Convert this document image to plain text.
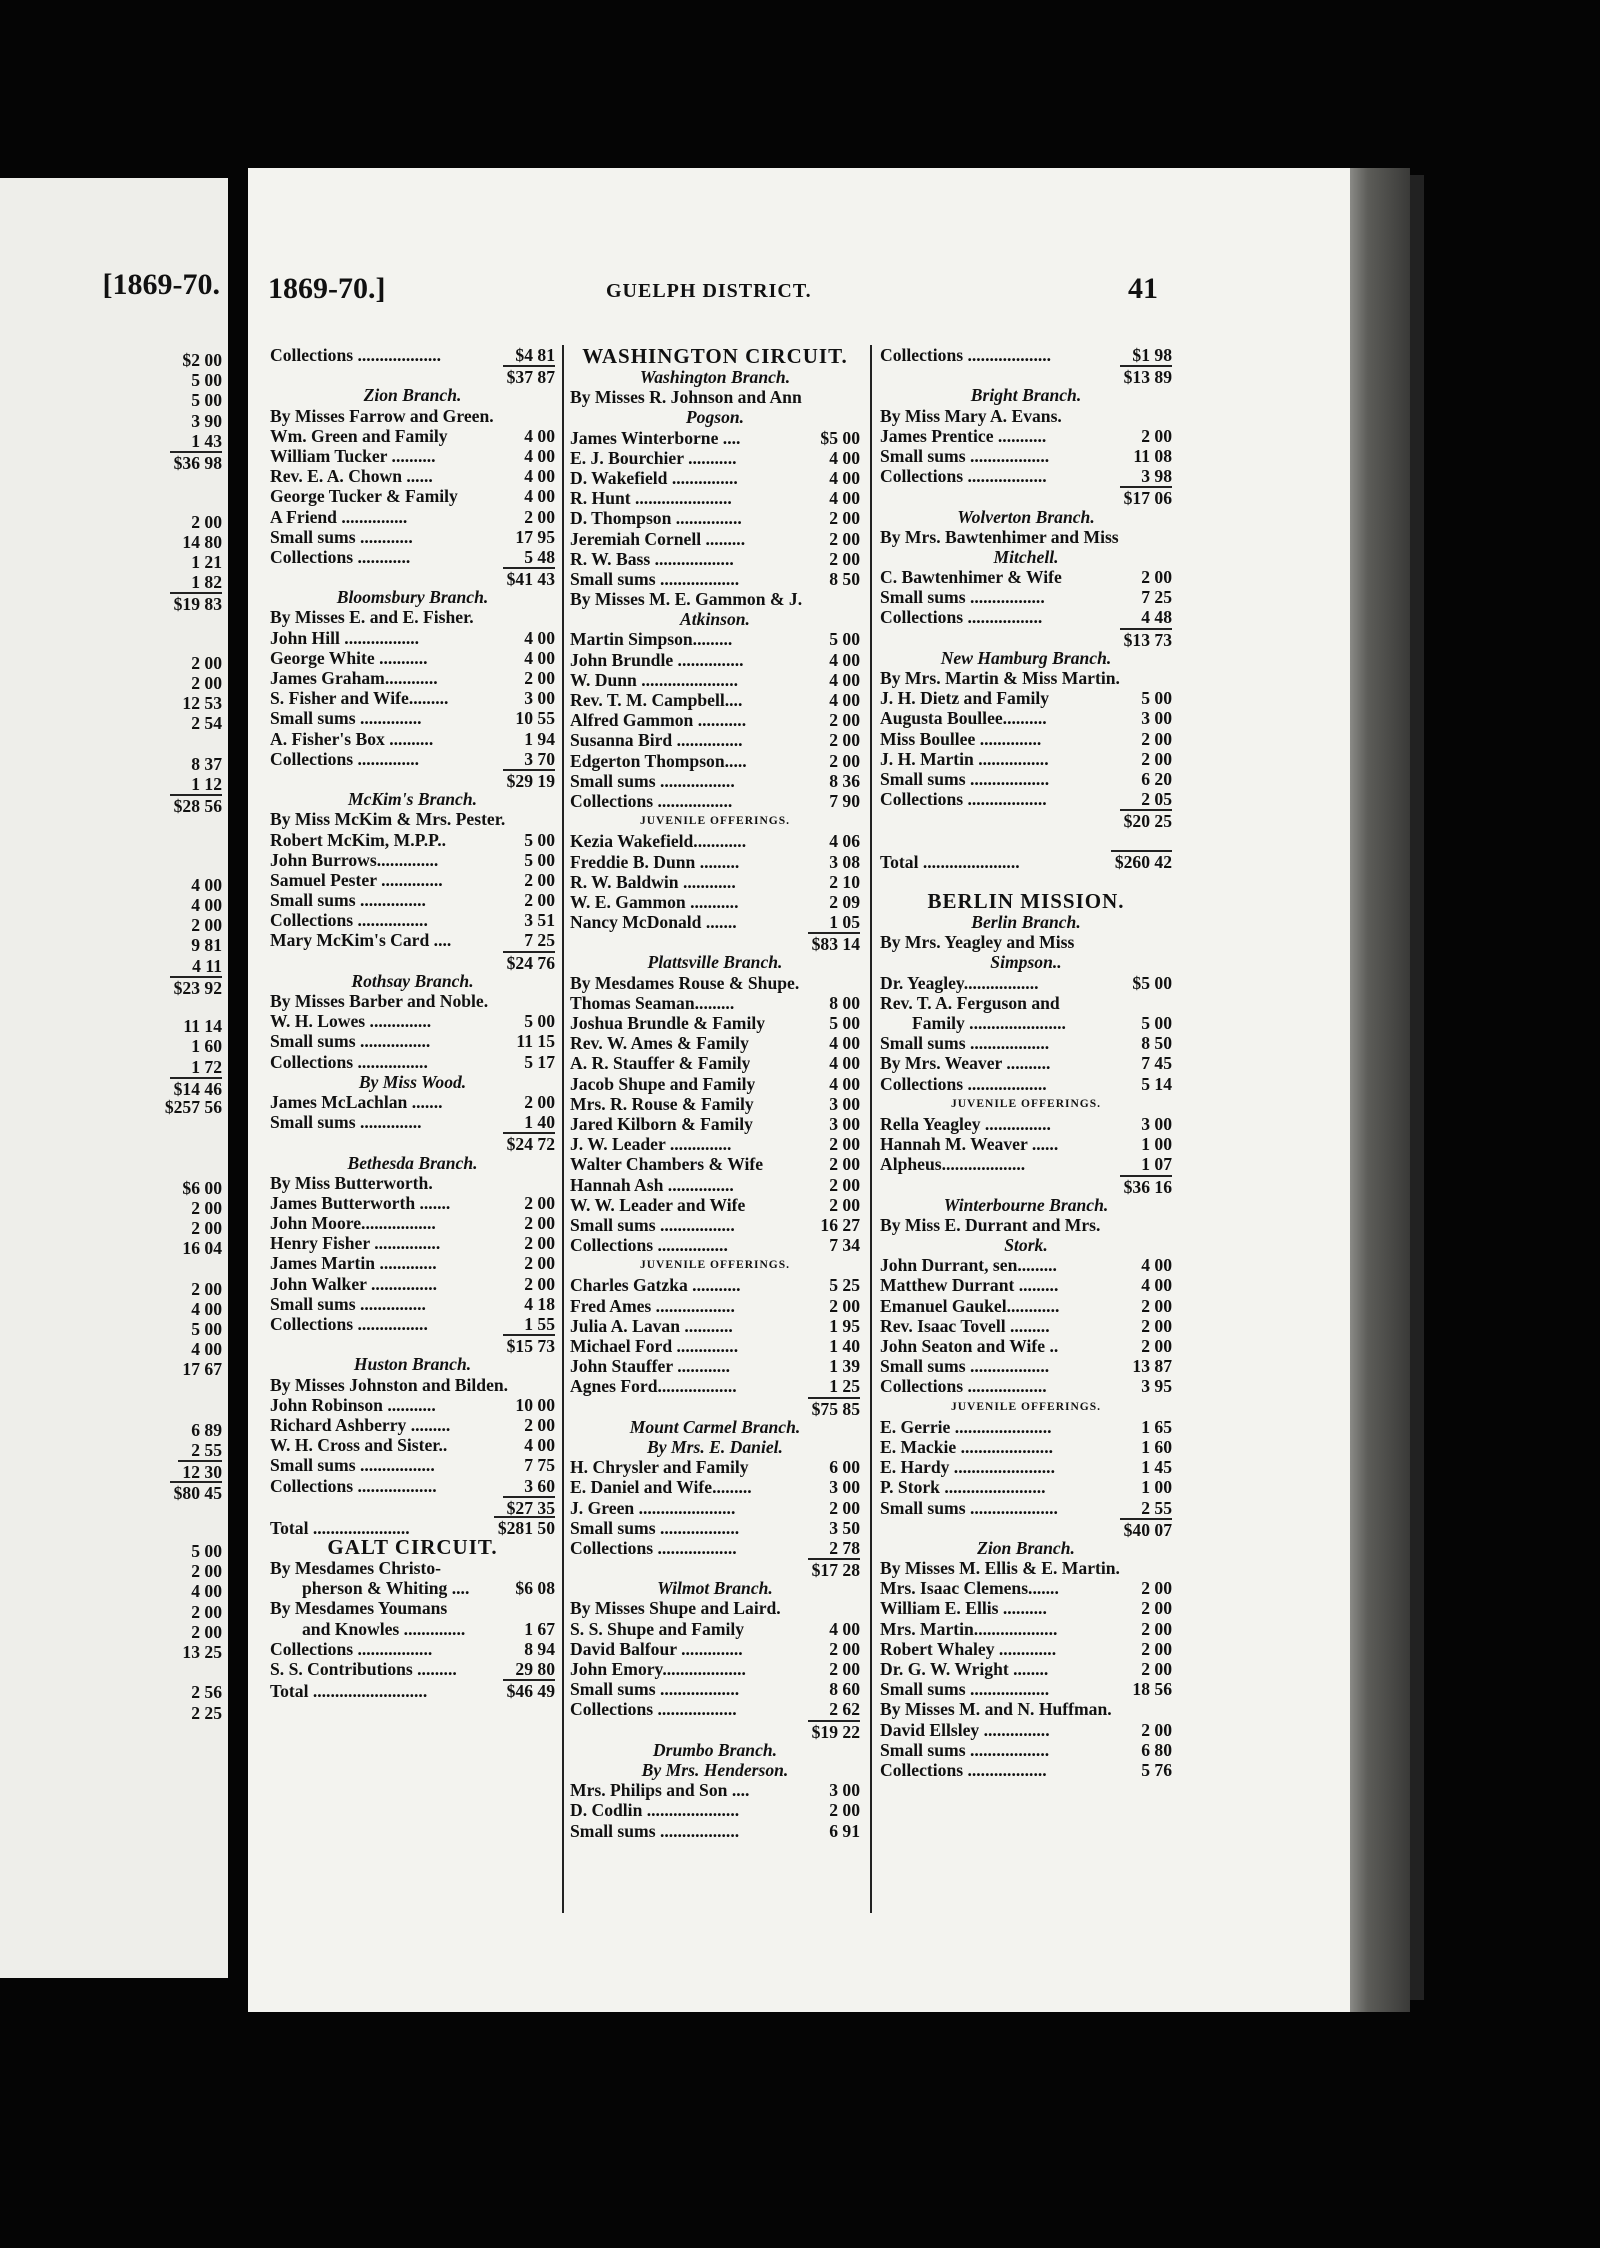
[1869-70.
$2 00
5 00
5 00
3 90
1 43
$36 98
2 00
14 80
1 21
1 82
$19 83
2 00
2 00
12 53
2 54
8 37
1 12
$28 56
4 00
4 00
2 00
9 81
4 11
$23 92
11 14
1 60
1 72
$14 46
$257 56
$6 00
2 00
2 00
16 04
2 00
4 00
5 00
4 00
17 67
6 89
2 55
12 30
$80 45
5 00
2 00
4 00
2 00
2 00
13 25
2 56
2 25
1869-70.]	GUELPH DISTRICT.	41
Collections ...................	$4 81
$37 87
Zion Branch.
By Misses Farrow and Green.
Wm. Green and Family	4 00
William Tucker ..........	4 00
Rev. E. A. Chown ......	4 00
George Tucker & Family	4 00
A Friend ...............	2 00
Small sums ............	17 95
Collections ............	5 48
$41 43
Bloomsbury Branch.
By Misses E. and E. Fisher.
John Hill .................	4 00
George White ...........	4 00
James Graham............	2 00
S. Fisher and Wife.........	3 00
Small sums ..............	10 55
A. Fisher's Box ..........	1 94
Collections ..............	3 70
$29 19
McKim's Branch.
By Miss McKim & Mrs. Pester.
Robert McKim, M.P.P..	5 00
John Burrows..............	5 00
Samuel Pester ..............	2 00
Small sums ...............	2 00
Collections ................	3 51
Mary McKim's Card ....	7 25
$24 76
Rothsay Branch.
By Misses Barber and Noble.
W. H. Lowes ..............	5 00
Small sums ................	11 15
Collections ................	5 17
By Miss Wood.
James McLachlan .......	2 00
Small sums ..............	1 40
$24 72
Bethesda Branch.
By Miss Butterworth.
James Butterworth .......	2 00
John Moore.................	2 00
Henry Fisher ...............	2 00
James Martin .............	2 00
John Walker ...............	2 00
Small sums ...............	4 18
Collections ................	1 55
$15 73
Huston Branch.
By Misses Johnston and Bilden.
John Robinson ...........	10 00
Richard Ashberry .........	2 00
W. H. Cross and Sister..	4 00
Small sums .................	7 75
Collections ..................	3 60
$27 35
Total ......................	$281 50
GALT CIRCUIT.
By Mesdames Christo-
pherson & Whiting ....	$6 08
By Mesdames Youmans
and Knowles ..............	1 67
Collections .................	8 94
S. S. Contributions .........	29 80
Total ..........................	$46 49
WASHINGTON CIRCUIT.
Washington Branch.
By Misses R. Johnson and Ann
Pogson.
James Winterborne ....	$5 00
E. J. Bourchier ...........	4 00
D. Wakefield ...............	4 00
R. Hunt ......................	4 00
D. Thompson ...............	2 00
Jeremiah Cornell .........	2 00
R. W. Bass ..................	2 00
Small sums ..................	8 50
By Misses M. E. Gammon & J.
Atkinson.
Martin Simpson.........	5 00
John Brundle ...............	4 00
W. Dunn ......................	4 00
Rev. T. M. Campbell....	4 00
Alfred Gammon ...........	2 00
Susanna Bird ...............	2 00
Edgerton Thompson.....	2 00
Small sums .................	8 36
Collections .................	7 90
JUVENILE OFFERINGS.
Kezia Wakefield............	4 06
Freddie B. Dunn .........	3 08
R. W. Baldwin ............	2 10
W. E. Gammon ...........	2 09
Nancy McDonald .......	1 05
$83 14
Plattsville Branch.
By Mesdames Rouse & Shupe.
Thomas Seaman.........	8 00
Joshua Brundle & Family	5 00
Rev. W. Ames & Family	4 00
A. R. Stauffer & Family	4 00
Jacob Shupe and Family	4 00
Mrs. R. Rouse & Family	3 00
Jared Kilborn & Family	3 00
J. W. Leader ..............	2 00
Walter Chambers & Wife	2 00
Hannah Ash ...............	2 00
W. W. Leader and Wife	2 00
Small sums .................	16 27
Collections ................	7 34
JUVENILE OFFERINGS.
Charles Gatzka ...........	5 25
Fred Ames ..................	2 00
Julia A. Lavan ...........	1 95
Michael Ford ..............	1 40
John Stauffer ............	1 39
Agnes Ford..................	1 25
$75 85
Mount Carmel Branch.
By Mrs. E. Daniel.
H. Chrysler and Family	6 00
E. Daniel and Wife.........	3 00
J. Green ......................	2 00
Small sums ..................	3 50
Collections ..................	2 78
$17 28
Wilmot Branch.
By Misses Shupe and Laird.
S. S. Shupe and Family	4 00
David Balfour ..............	2 00
John Emory...................	2 00
Small sums ..................	8 60
Collections ..................	2 62
$19 22
Drumbo Branch.
By Mrs. Henderson.
Mrs. Philips and Son ....	3 00
D. Codlin .....................	2 00
Small sums ..................	6 91
Collections ...................	$1 98
$13 89
Bright Branch.
By Miss Mary A. Evans.
James Prentice ...........	2 00
Small sums ..................	11 08
Collections ..................	3 98
$17 06
Wolverton Branch.
By Mrs. Bawtenhimer and Miss
Mitchell.
C. Bawtenhimer & Wife	2 00
Small sums .................	7 25
Collections .................	4 48
$13 73
New Hamburg Branch.
By Mrs. Martin & Miss Martin.
J. H. Dietz and Family	5 00
Augusta Boullee..........	3 00
Miss Boullee ..............	2 00
J. H. Martin ................	2 00
Small sums ..................	6 20
Collections ..................	2 05
$20 25
Total ......................	$260 42
BERLIN MISSION.
Berlin Branch.
By Mrs. Yeagley and Miss
Simpson..
Dr. Yeagley.................	$5 00
Rev. T. A. Ferguson and
Family ......................	5 00
Small sums ..................	8 50
By Mrs. Weaver ..........	7 45
Collections ..................	5 14
JUVENILE OFFERINGS.
Rella Yeagley ...............	3 00
Hannah M. Weaver ......	1 00
Alpheus...................	1 07
$36 16
Winterbourne Branch.
By Miss E. Durrant and Mrs.
Stork.
John Durrant, sen.........	4 00
Matthew Durrant .........	4 00
Emanuel Gaukel............	2 00
Rev. Isaac Tovell .........	2 00
John Seaton and Wife ..	2 00
Small sums ..................	13 87
Collections ..................	3 95
JUVENILE OFFERINGS.
E. Gerrie ......................	1 65
E. Mackie .....................	1 60
E. Hardy .......................	1 45
P. Stork .......................	1 00
Small sums ....................	2 55
$40 07
Zion Branch.
By Misses M. Ellis & E. Martin.
Mrs. Isaac Clemens.......	2 00
William E. Ellis ..........	2 00
Mrs. Martin...................	2 00
Robert Whaley .............	2 00
Dr. G. W. Wright ........	2 00
Small sums ..................	18 56
By Misses M. and N. Huffman.
David Ellsley ...............	2 00
Small sums ..................	6 80
Collections ..................	5 76
